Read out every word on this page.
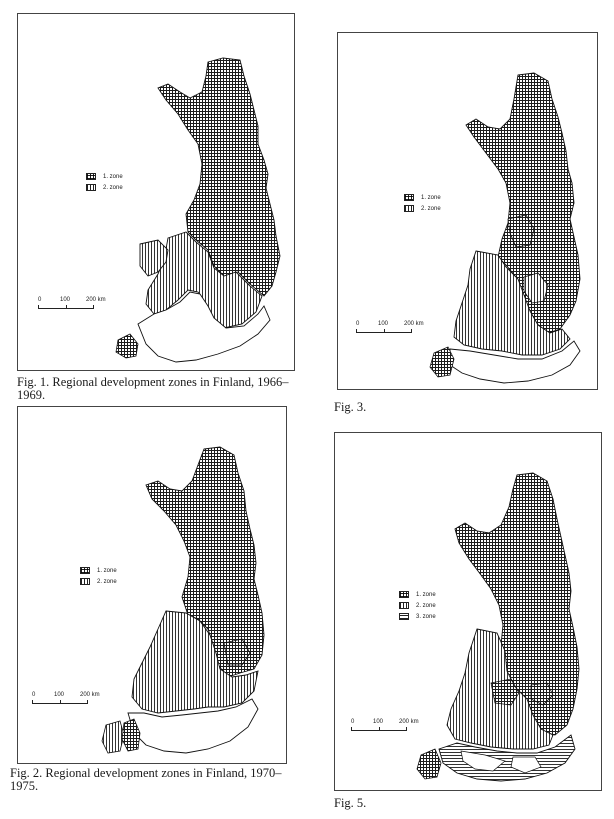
1. zone
2. zone
0	100	200 km
Fig. 1. Regional development zones in Finland, 1966–1969.
1. zone
2. zone
0	100	200 km
Fig. 3.
1. zone
2. zone
0	100	200 km
Fig. 2. Regional development zones in Finland, 1970–1975.
1. zone
2. zone
3. zone
0	100	200 km
Fig. 5.
